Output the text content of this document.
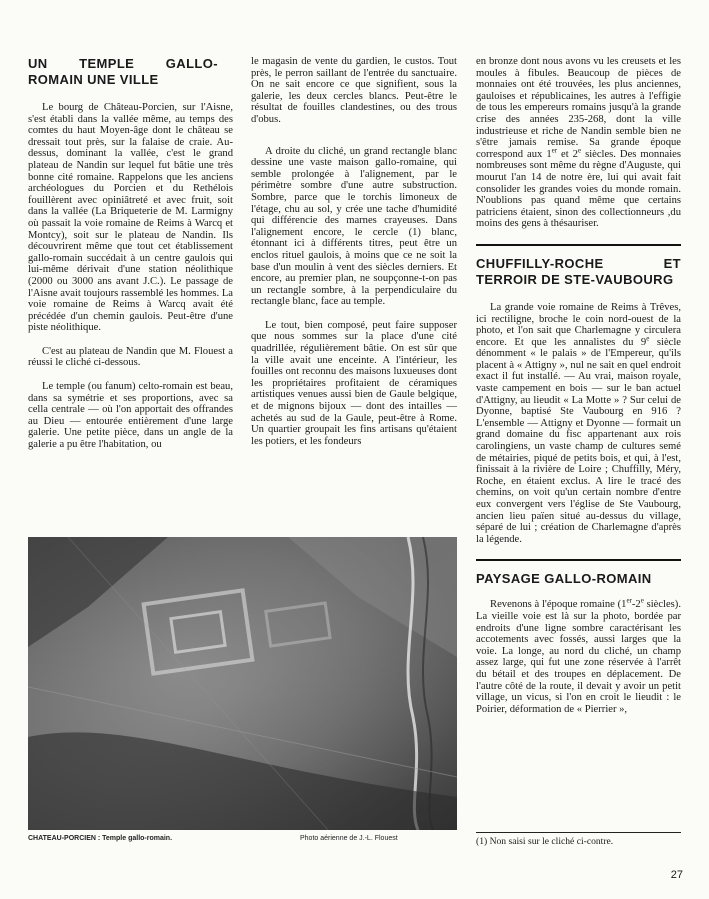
UN TEMPLE GALLO-ROMAIN UNE VILLE

Le bourg de Château-Porcien, sur l'Aisne, s'est établi dans la vallée même, au temps des comtes du haut Moyen-âge dont le château se dressait tout près, sur la falaise de craie. Au-dessus, dominant la vallée, c'est le grand plateau de Nandin sur lequel fut bâtie une très bonne cité romaine. Rappelons que les anciens archéologues du Porcien et du Rethélois fouillèrent avec opiniâtreté et avec fruit, soit dans la vallée (La Briqueterie de M. Larmigny où passait la voie romaine de Reims à Warcq et Montcy), soit sur le plateau de Nandin. Ils découvrirent même que tout cet établissement gallo-romain succédait à un centre gaulois qui lui-même dérivait d'une station néolithique (2000 ou 3000 ans avant J.C.). Le passage de l'Aisne avait toujours rassemblé les hommes. La voie romaine de Reims à Warcq avait été précédée d'un chemin gaulois. Peut-être d'une piste néolithique.

C'est au plateau de Nandin que M. Flouest a réussi le cliché ci-dessous.

Le temple (ou fanum) celto-romain est beau, dans sa symétrie et ses proportions, avec sa cella centrale — où l'on apportait des offrandes au Dieu — entourée entièrement d'une large galerie. Une petite pièce, dans un angle de la galerie a pu être l'habitation, ou

le magasin de vente du gardien, le custos. Tout près, le perron saillant de l'entrée du sanctuaire. On ne sait encore ce que signifient, sous la galerie, les deux cercles blancs. Peut-être le résultat de fouilles clandestines, ou des trous d'obus.

A droite du cliché, un grand rectangle blanc dessine une vaste maison gallo-romaine, qui semble prolongée à l'alignement, par le périmètre sombre d'une autre substruction. Sombre, parce que le torchis limoneux de l'étage, chu au sol, y crée une tache d'humidité qui différencie des marnes crayeuses. Dans l'alignement encore, le cercle (1) blanc, étonnant ici à différents titres, peut être un enclos rituel gaulois, à moins que ce ne soit la base d'un moulin à vent des siècles derniers. Et encore, au premier plan, ne soupçonne-t-on pas un rectangle sombre, à la perpendiculaire du rectangle blanc, face au temple.

Le tout, bien composé, peut faire supposer que nous sommes sur la place d'une cité quadrillée, régulièrement bâtie. On est sûr que la ville avait une enceinte. A l'intérieur, les fouilles ont reconnu des maisons luxueuses dont les propriétaires profitaient de céramiques artistiques venues aussi bien de Gaule belgique, et de mignons bijoux — dont des intailles — achetés au sud de la Gaule, peut-être à Rome. Un quartier groupait les fins artisans qu'étaient les potiers, et les fondeurs

en bronze dont nous avons vu les creusets et les moules à fibules. Beaucoup de pièces de monnaies ont été trouvées, les plus anciennes, gauloises et républicaines, les autres à l'effigie de tous les empereurs romains jusqu'à la grande crise des années 235-268, dont la ville industrieuse et riche de Nandin semble bien ne s'être jamais remise. Sa grande époque correspond aux 1er et 2e siècles. Des monnaies nombreuses sont même du règne d'Auguste, qui mourut l'an 14 de notre ère, lui qui avait fait consolider les grandes voies du monde romain. N'oublions pas quand même que certains patriciens étaient, sinon des collectionneurs ,du moins des gens à thésauriser.

CHUFFILLY-ROCHE ET TERROIR DE STE-VAUBOURG

La grande voie romaine de Reims à Trêves, ici rectiligne, broche le coin nord-ouest de la photo, et l'on sait que Charlemagne y circulera encore. Et que les annalistes du 9e siècle dénomment « le palais » de l'Empereur, qu'ils placent à « Attigny », nul ne sait en quel endroit exact il fut installé. — Au vrai, maison royale, vaste campement en bois — sur le ban actuel d'Attigny, au lieudit « La Motte » ? Sur celui de Dyonne, baptisé Ste Vaubourg en 916 ? L'ensemble — Attigny et Dyonne — formait un grand domaine du fisc appartenant aux rois carolingiens, un vaste champ de cultures semé de métairies, piqué de petits bois, et qui, à l'est, finissait à la rivière de Loire ; Chuffilly, Méry, Roche, en étaient exclus. A lire le tracé des chemins, on voit qu'un certain nombre d'entre eux convergent vers l'église de Ste Vaubourg, ancien lieu païen situé au-dessus du village, séparé de lui ; création de Charlemagne d'après la légende.

PAYSAGE GALLO-ROMAIN

Revenons à l'époque romaine (1er-2e siècles). La vieille voie est là sur la photo, bordée par endroits d'une ligne sombre caractérisant les accotements avec fossés, aussi larges que la voie. La longe, au nord du cliché, un champ assez large, qui fut une zone réservée à l'arrêt du bétail et des troupes en déplacement. De l'autre côté de la route, il devait y avoir un petit village, un vicus, si l'on en croit le lieudit : le Poirier, déformation de « Pierrier »,

CHATEAU-PORCIEN : Temple gallo-romain.	Photo aérienne de J.-L. Flouest	(1) Non saisi sur le cliché ci-contre.
27
